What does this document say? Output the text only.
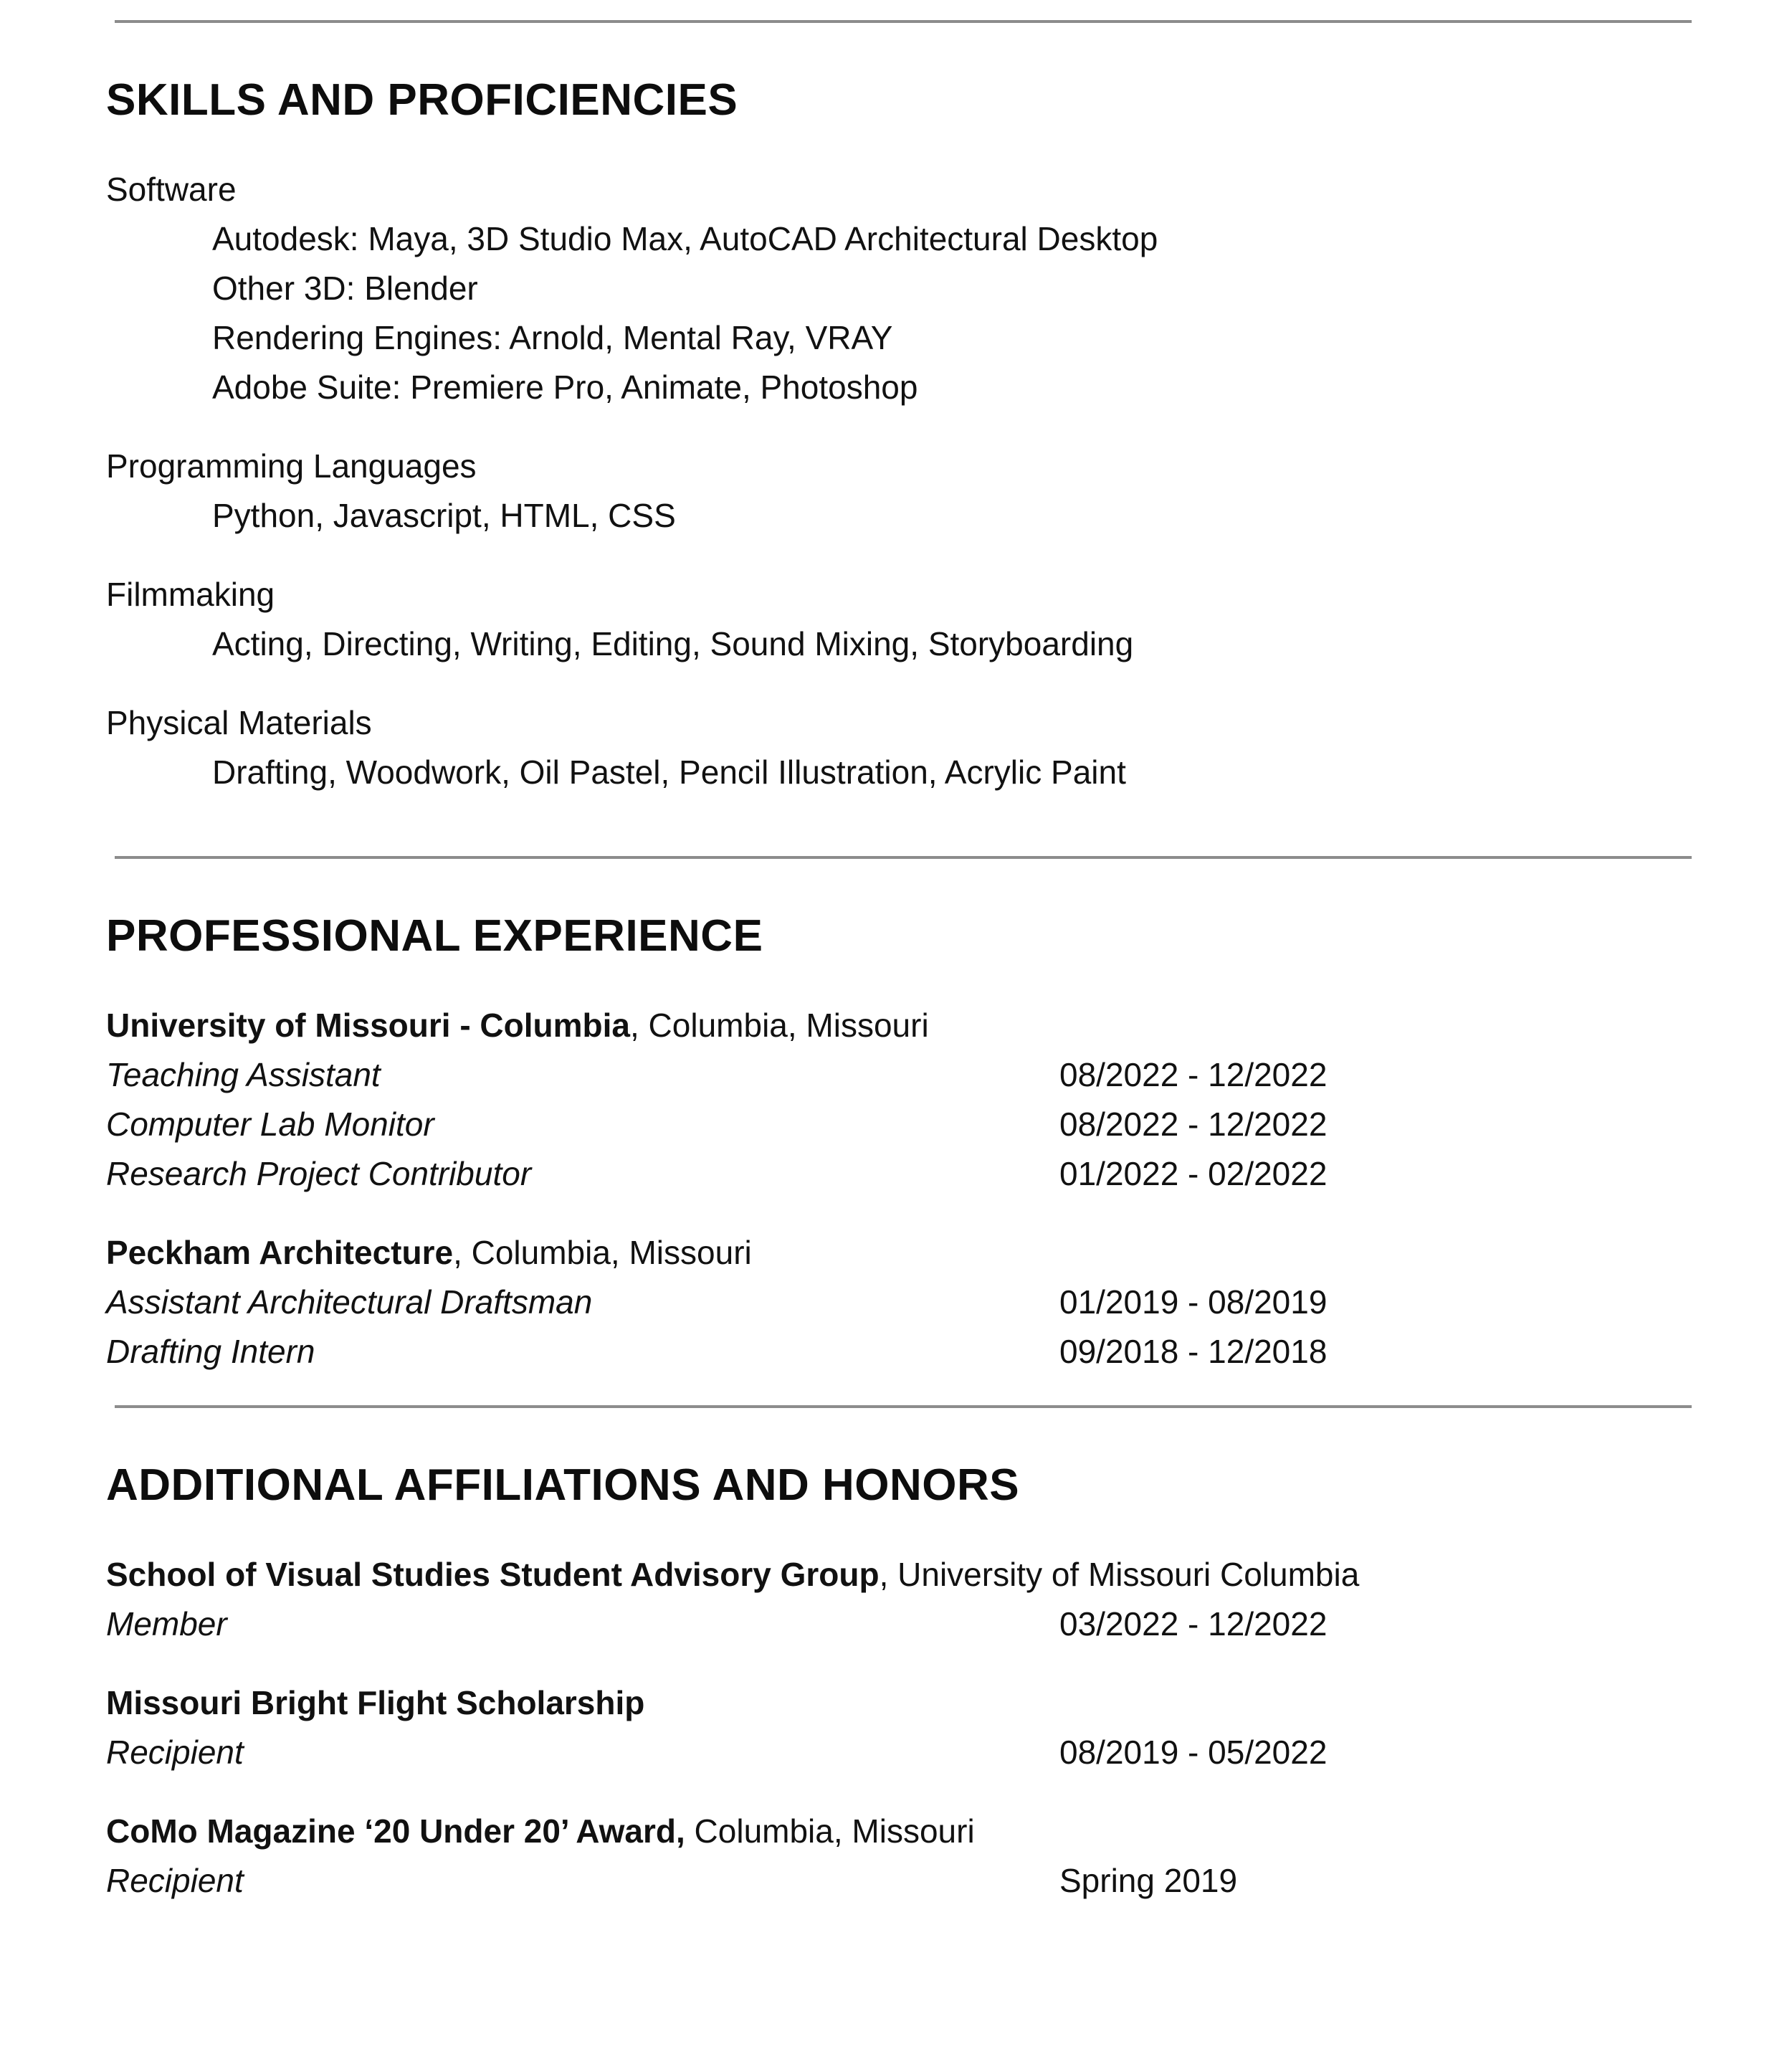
SKILLS AND PROFICIENCIES
Software
Autodesk: Maya, 3D Studio Max, AutoCAD Architectural Desktop
Other 3D: Blender
Rendering Engines: Arnold, Mental Ray, VRAY
Adobe Suite: Premiere Pro, Animate, Photoshop
Programming Languages
Python, Javascript, HTML, CSS
Filmmaking
Acting, Directing, Writing, Editing, Sound Mixing, Storyboarding
Physical Materials
Drafting, Woodwork, Oil Pastel, Pencil Illustration, Acrylic Paint
PROFESSIONAL EXPERIENCE
University of Missouri - Columbia, Columbia, Missouri
Teaching Assistant	08/2022 - 12/2022
Computer Lab Monitor	08/2022 - 12/2022
Research Project Contributor	01/2022 - 02/2022
Peckham Architecture, Columbia, Missouri
Assistant Architectural Draftsman	01/2019 - 08/2019
Drafting Intern	09/2018 - 12/2018
ADDITIONAL AFFILIATIONS AND HONORS
School of Visual Studies Student Advisory Group, University of Missouri Columbia
Member	03/2022 - 12/2022
Missouri Bright Flight Scholarship
Recipient	08/2019 - 05/2022
CoMo Magazine ‘20 Under 20’ Award, Columbia, Missouri
Recipient	Spring 2019
